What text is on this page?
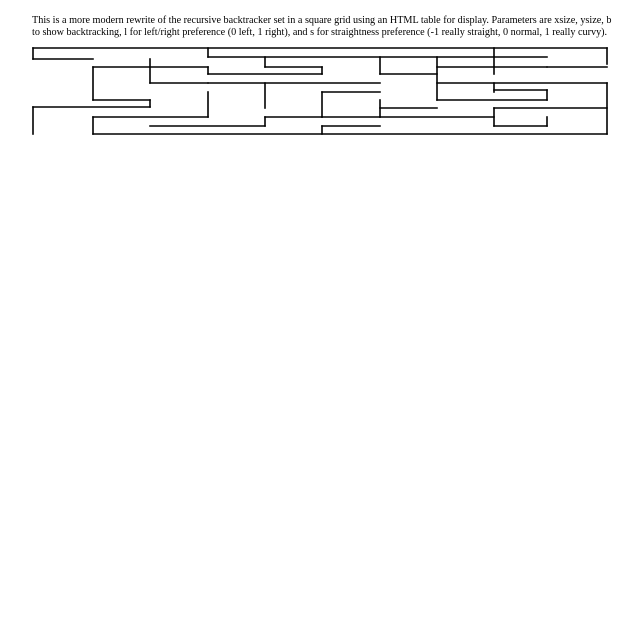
This is a more modern rewrite of the recursive backtracker set in a square grid using an HTML table for display. Parameters are xsize, ysize, b to show backtracking, l for left/right preference (0 left, 1 right), and s for straightness preference (-1 really straight, 0 normal, 1 really curvy).
